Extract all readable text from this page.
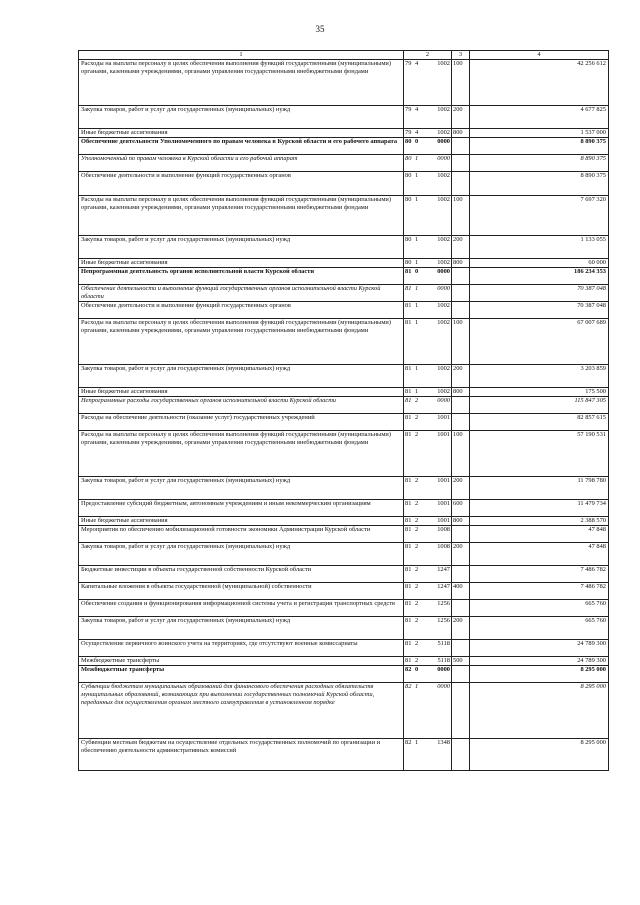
35
1	2			3	4
Расходы на выплаты персоналу в целях обеспечения выполнения функций государственными (муниципальными) органами, казенными учреждениями, органами управления государственными внебюджетными фондами	79	4	1002	100	42 256 612
Закупка товаров, работ и услуг для государственных (муниципальных) нужд	79	4	1002	200	4 677 825
Иные бюджетные ассигнования	79	4	1002	800	1 537 000
Обеспечение деятельности Уполномоченного по правам человека в Курской области и его рабочего аппарата	80	0	0000		8 890 375
Уполномоченный по правам человека в Курской области и его рабочий аппарат	80	1	0000		8 890 375
Обеспечение деятельности и выполнение функций государственных органов	80	1	1002		8 890 375
Расходы на выплаты персоналу в целях обеспечения выполнения функций государственными (муниципальными) органами, казенными учреждениями, органами управления государственными внебюджетными фондами	80	1	1002	100	7 697 320
Закупка товаров, работ и услуг для государственных (муниципальных) нужд	80	1	1002	200	1 133 055
Иные бюджетные ассигнования	80	1	1002	800	60 000
Непрограммная деятельность органов исполнительной власти Курской области	81	0	0000		186 234 353
Обеспечение деятельности и выполнение функций государственных органов исполнительной власти Курской области	81	1	0000		70 387 048
Обеспечение деятельности и выполнение функций государственных органов	81	1	1002		70 387 048
Расходы на выплаты персоналу в целях обеспечения выполнения функций государственными (муниципальными) органами, казенными учреждениями, органами управления государственными внебюджетными фондами	81	1	1002	100	67 007 689
Закупка товаров, работ и услуг для государственных (муниципальных) нужд	81	1	1002	200	3 203 859
Иные бюджетные ассигнования	81	1	1002	800	175 500
Непрограммные расходы государственных органов исполнительной власти Курской области	81	2	0000		115 847 305
Расходы на обеспечение деятельности (оказание услуг) государственных учреждений	81	2	1001		82 857 615
Расходы на выплаты персоналу в целях обеспечения выполнения функций государственными (муниципальными) органами, казенными учреждениями, органами управления государственными внебюджетными фондами	81	2	1001	100	57 190 531
Закупка товаров, работ и услуг для государственных (муниципальных) нужд	81	2	1001	200	11 798 780
Предоставление субсидий бюджетным, автономным учреждениям и иным некоммерческим организациям	81	2	1001	600	11 479 734
Иные бюджетные ассигнования	81	2	1001	800	2 388 570
Мероприятия по обеспечению мобилизационной готовности экономики Администрации Курской области	81	2	1008		47 848
Закупка товаров, работ и услуг для государственных (муниципальных) нужд	81	2	1008	200	47 848
Бюджетные инвестиции в объекты государственной собственности Курской области	81	2	1247		7 486 782
Капитальные вложения в объекты государственной (муниципальной) собственности	81	2	1247	400	7 486 782
Обеспечение создания и функционирования информационной системы учета и регистрации транспортных средств	81	2	1256		665 760
Закупка товаров, работ и услуг для государственных (муниципальных) нужд	81	2	1256	200	665 760
Осуществление первичного воинского учета на территориях, где отсутствуют военные комиссариаты	81	2	5118		24 789 300
Межбюджетные трансферты	81	2	5118	500	24 789 300
Межбюджетные трансферты	82	0	0000		8 295 000
Субвенции бюджетам муниципальных образований для финансового обеспечения расходных обязательств муниципальных образований, возникающих при выполнении государственных полномочий Курской области, переданных для осуществления органам местного самоуправления в установленном порядке	82	1	0000		8 295 000
Субвенции местным бюджетам на осуществление отдельных государственных полномочий по организации и обеспечению деятельности административных комиссий	82	1	1348		8 295 000
